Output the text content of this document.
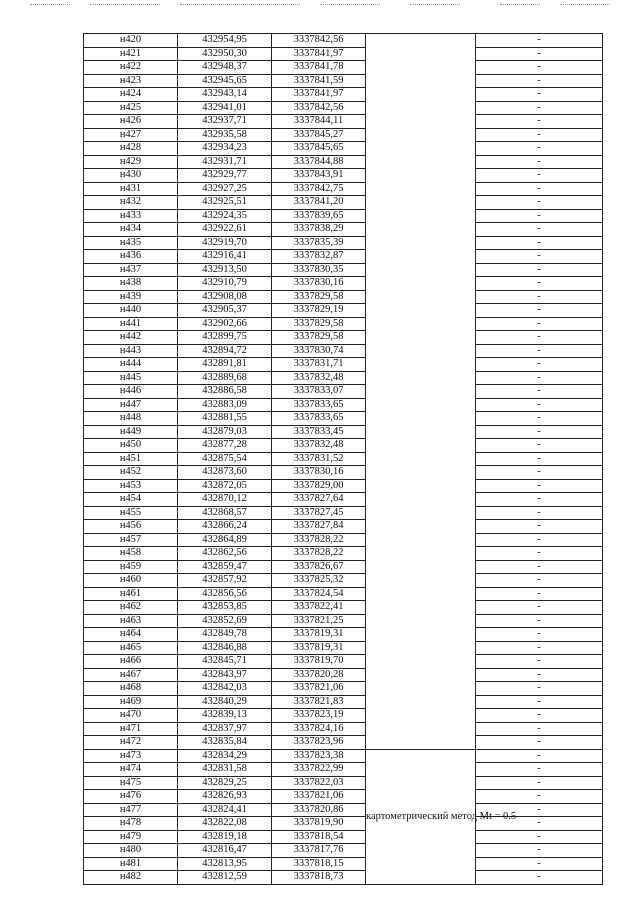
н420	432954,95	3337842,56		-
н421	432950,30	3337841,97		-
н422	432948,37	3337841,78		-
н423	432945,65	3337841,59		-
н424	432943,14	3337841,97		-
н425	432941,01	3337842,56		-
н426	432937,71	3337844,11		-
н427	432935,58	3337845,27		-
н428	432934,23	3337845,65		-
н429	432931,71	3337844,88		-
н430	432929,77	3337843,91		-
н431	432927,25	3337842,75		-
н432	432925,51	3337841,20		-
н433	432924,35	3337839,65		-
н434	432922,61	3337838,29		-
н435	432919,70	3337835,39		-
н436	432916,41	3337832,87		-
н437	432913,50	3337830,35		-
н438	432910,79	3337830,16		-
н439	432908,08	3337829,58		-
н440	432905,37	3337829,19		-
н441	432902,66	3337829,58		-
н442	432899,75	3337829,58		-
н443	432894,72	3337830,74		-
н444	432891,81	3337831,71		-
н445	432889,68	3337832,48		-
н446	432886,58	3337833,07		-
н447	432883,09	3337833,65		-
н448	432881,55	3337833,65		-
н449	432879,03	3337833,45		-
н450	432877,28	3337832,48		-
н451	432875,54	3337831,52		-
н452	432873,60	3337830,16		-
н453	432872,05	3337829,00		-
н454	432870,12	3337827,64		-
н455	432868,57	3337827,45		-
н456	432866,24	3337827,84		-
н457	432864,89	3337828,22		-
н458	432862,56	3337828,22		-
н459	432859,47	3337826,67		-
н460	432857,92	3337825,32		-
н461	432856,56	3337824,54		-
н462	432853,85	3337822,41		-
н463	432852,69	3337821,25		-
н464	432849,78	3337819,31		-
н465	432846,88	3337819,31		-
н466	432845,71	3337819,70		-
н467	432843,97	3337820,28		-
н468	432842,03	3337821,06		-
н469	432840,29	3337821,83		-
н470	432839,13	3337823,19		-
н471	432837,97	3337824,16		-
н472	432835,84	3337823,96		-
н473	432834,29	3337823,38	картометрический метод Mt = 0.5	-
н474	432831,58	3337822,99		-
н475	432829,25	3337822,03		-
н476	432826,93	3337821,06		-
н477	432824,41	3337820,86		-
н478	432822,08	3337819,90		-
н479	432819,18	3337818,54		-
н480	432816,47	3337817,76		-
н481	432813,95	3337818,15		-
н482	432812,59	3337818,73		-
